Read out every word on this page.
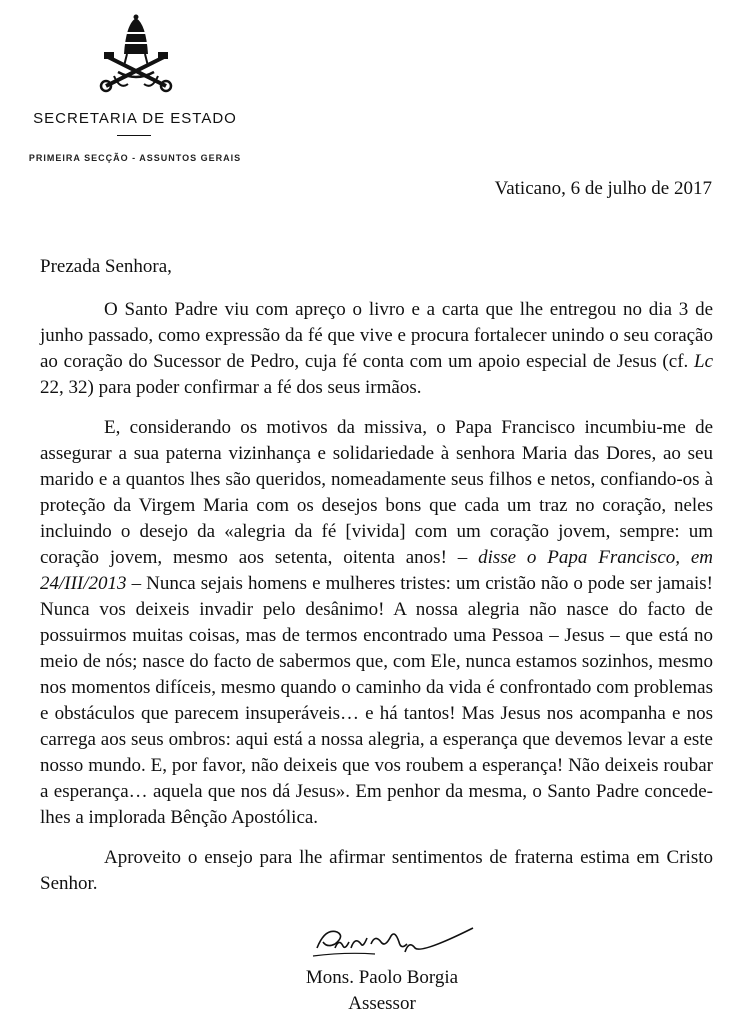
SECRETARIA DE ESTADO
PRIMEIRA SECÇÃO - ASSUNTOS GERAIS
Vaticano, 6 de julho de 2017
Prezada Senhora,

O Santo Padre viu com apreço o livro e a carta que lhe entregou no dia 3 de junho passado, como expressão da fé que vive e procura fortalecer unindo o seu coração ao coração do Sucessor de Pedro, cuja fé conta com um apoio especial de Jesus (cf. Lc 22, 32) para poder confirmar a fé dos seus irmãos.

E, considerando os motivos da missiva, o Papa Francisco incumbiu-me de assegurar a sua paterna vizinhança e solidariedade à senhora Maria das Dores, ao seu marido e a quantos lhes são queridos, nomeadamente seus filhos e netos, confiando-os à proteção da Virgem Maria com os desejos bons que cada um traz no coração, neles incluindo o desejo da «alegria da fé [vivida] com um coração jovem, sempre: um coração jovem, mesmo aos setenta, oitenta anos! – disse o Papa Francisco, em 24/III/2013 – Nunca sejais homens e mulheres tristes: um cristão não o pode ser jamais! Nunca vos deixeis invadir pelo desânimo! A nossa alegria não nasce do facto de possuirmos muitas coisas, mas de termos encontrado uma Pessoa – Jesus – que está no meio de nós; nasce do facto de sabermos que, com Ele, nunca estamos sozinhos, mesmo nos momentos difíceis, mesmo quando o caminho da vida é confrontado com problemas e obstáculos que parecem insuperáveis… e há tantos! Mas Jesus nos acompanha e nos carrega aos seus ombros: aqui está a nossa alegria, a esperança que devemos levar a este nosso mundo. E, por favor, não deixeis que vos roubem a esperança! Não deixeis roubar a esperança… aquela que nos dá Jesus». Em penhor da mesma, o Santo Padre concede-lhes a implorada Bênção Apostólica.

Aproveito o ensejo para lhe afirmar sentimentos de fraterna estima em Cristo Senhor.

Mons. Paolo Borgia
Assessor
